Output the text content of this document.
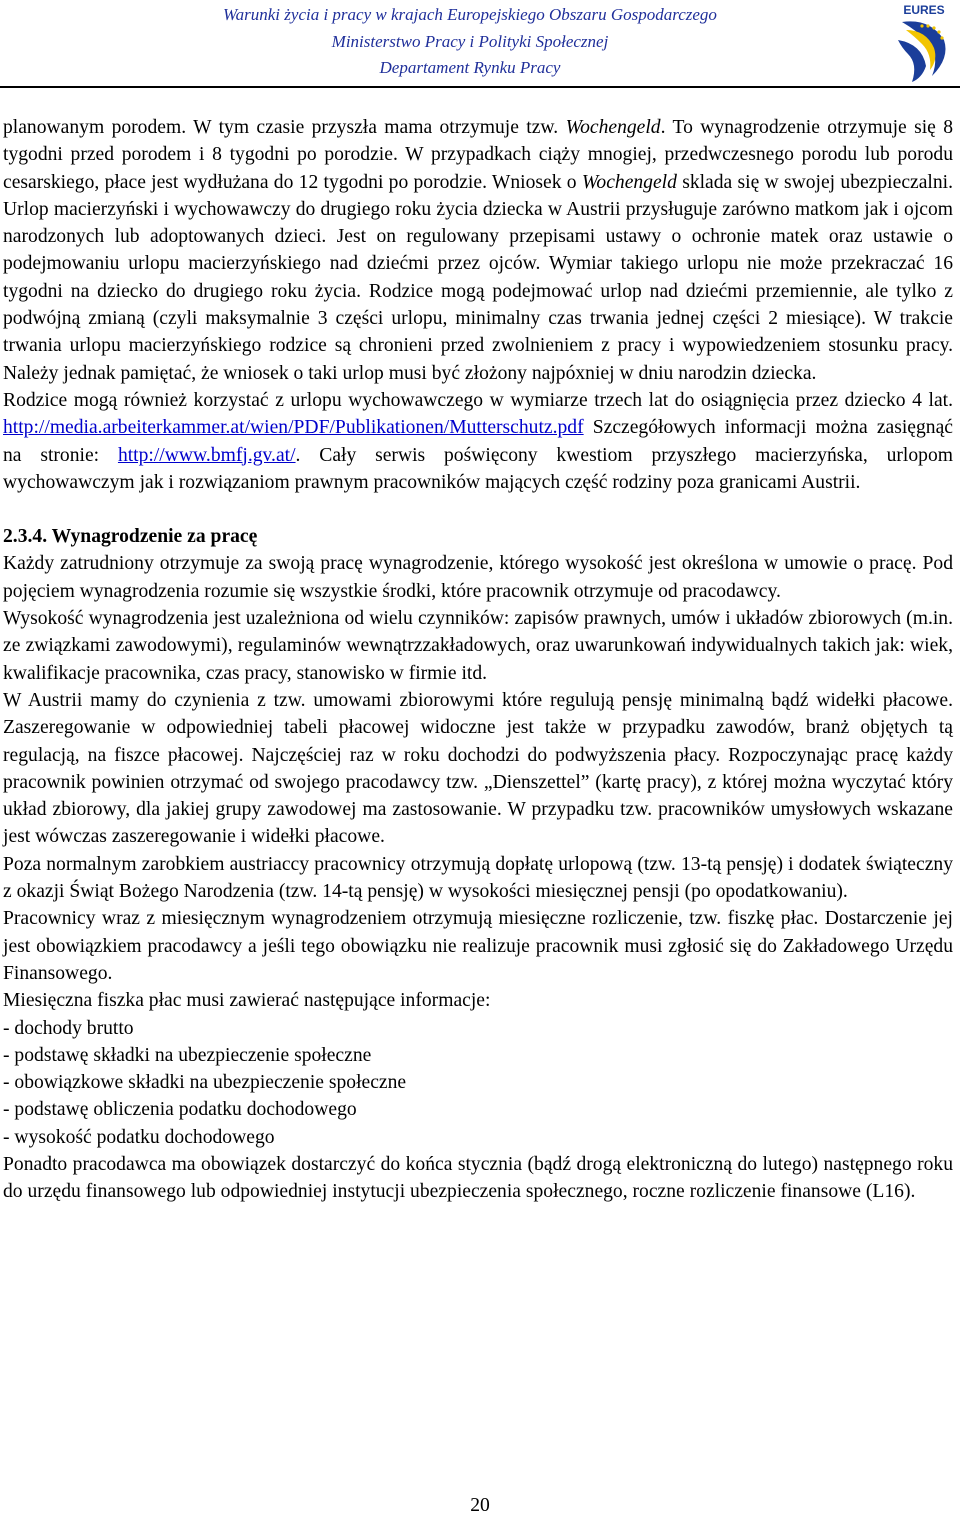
Warunki życia i pracy w krajach Europejskiego Obszaru Gospodarczego
Ministerstwo Pracy i Polityki Społecznej
Departament Rynku Pracy
EURES

planowanym porodem. W tym czasie przyszła mama otrzymuje tzw. Wochengeld. To wynagrodzenie otrzymuje się 8 tygodni przed porodem i 8 tygodni po porodzie. W przypadkach ciąży mnogiej, przedwczesnego porodu lub porodu cesarskiego, płace jest wydłużana do 12 tygodni po porodzie. Wniosek o Wochengeld sklada się w swojej ubezpieczalni. Urlop macierzyński i wychowawczy do drugiego roku życia dziecka w Austrii przysługuje zarówno matkom jak i ojcom narodzonych lub adoptowanych dzieci. Jest on regulowany przepisami ustawy o ochronie matek oraz ustawie o podejmowaniu urlopu macierzyńskiego nad dziećmi przez ojców. Wymiar takiego urlopu nie może przekraczać 16 tygodni na dziecko do drugiego roku życia. Rodzice mogą podejmować urlop nad dziećmi przemiennie, ale tylko z podwójną zmianą (czyli maksymalnie 3 części urlopu, minimalny czas trwania jednej części 2 miesiące). W trakcie trwania urlopu macierzyńskiego rodzice są chronieni przed zwolnieniem z pracy i wypowiedzeniem stosunku pracy. Należy jednak pamiętać, że wniosek o taki urlop musi być złożony najpóxniej w dniu narodzin dziecka.

Rodzice mogą również korzystać z urlopu wychowawczego w wymiarze trzech lat do osiągnięcia przez dziecko 4 lat. http://media.arbeiterkammer.at/wien/PDF/Publikationen/Mutterschutz.pdf Szczegółowych informacji można zasięgnąć na stronie: http://www.bmfj.gv.at/. Cały serwis poświęcony kwestiom przyszłego macierzyńska, urlopom wychowawczym jak i rozwiązaniom prawnym pracowników mających część rodziny poza granicami Austrii.

2.3.4. Wynagrodzenie za pracę

Każdy zatrudniony otrzymuje za swoją pracę wynagrodzenie, którego wysokość jest określona w umowie o pracę. Pod pojęciem wynagrodzenia rozumie się wszystkie środki, które pracownik otrzymuje od pracodawcy.

Wysokość wynagrodzenia jest uzależniona od wielu czynników: zapisów prawnych, umów i układów zbiorowych (m.in. ze związkami zawodowymi), regulaminów wewnątrzzakładowych, oraz uwarunkowań indywidualnych takich jak: wiek, kwalifikacje pracownika, czas pracy, stanowisko w firmie itd.

W Austrii mamy do czynienia z tzw. umowami zbiorowymi które regulują pensję minimalną bądź widełki płacowe. Zaszeregowanie w odpowiedniej tabeli płacowej widoczne jest także w przypadku zawodów, branż objętych tą regulacją, na fiszce płacowej. Najczęściej raz w roku dochodzi do podwyższenia płacy. Rozpoczynając pracę każdy pracownik powinien otrzymać od swojego pracodawcy tzw. „Dienszettel” (kartę pracy), z której można wyczytać który układ zbiorowy, dla jakiej grupy zawodowej ma zastosowanie. W przypadku tzw. pracowników umysłowych wskazane jest wówczas zaszeregowanie i widełki płacowe.

Poza normalnym zarobkiem austriaccy pracownicy otrzymują dopłatę urlopową (tzw. 13-tą pensję) i dodatek świąteczny z okazji Świąt Bożego Narodzenia (tzw. 14-tą pensję) w wysokości miesięcznej pensji (po opodatkowaniu).

Pracownicy wraz z miesięcznym wynagrodzeniem otrzymują miesięczne rozliczenie, tzw. fiszkę płac. Dostarczenie jej jest obowiązkiem pracodawcy a jeśli tego obowiązku nie realizuje pracownik musi zgłosić się do Zakładowego Urzędu Finansowego.

Miesięczna fiszka płac musi zawierać następujące informacje:

- dochody brutto

- podstawę składki na ubezpieczenie społeczne

- obowiązkowe składki na ubezpieczenie społeczne

- podstawę obliczenia podatku dochodowego

- wysokość podatku dochodowego

Ponadto pracodawca ma obowiązek dostarczyć do końca stycznia (bądź drogą elektroniczną do lutego) następnego roku do urzędu finansowego lub odpowiedniej instytucji ubezpieczenia społecznego, roczne rozliczenie finansowe (L16).

20
